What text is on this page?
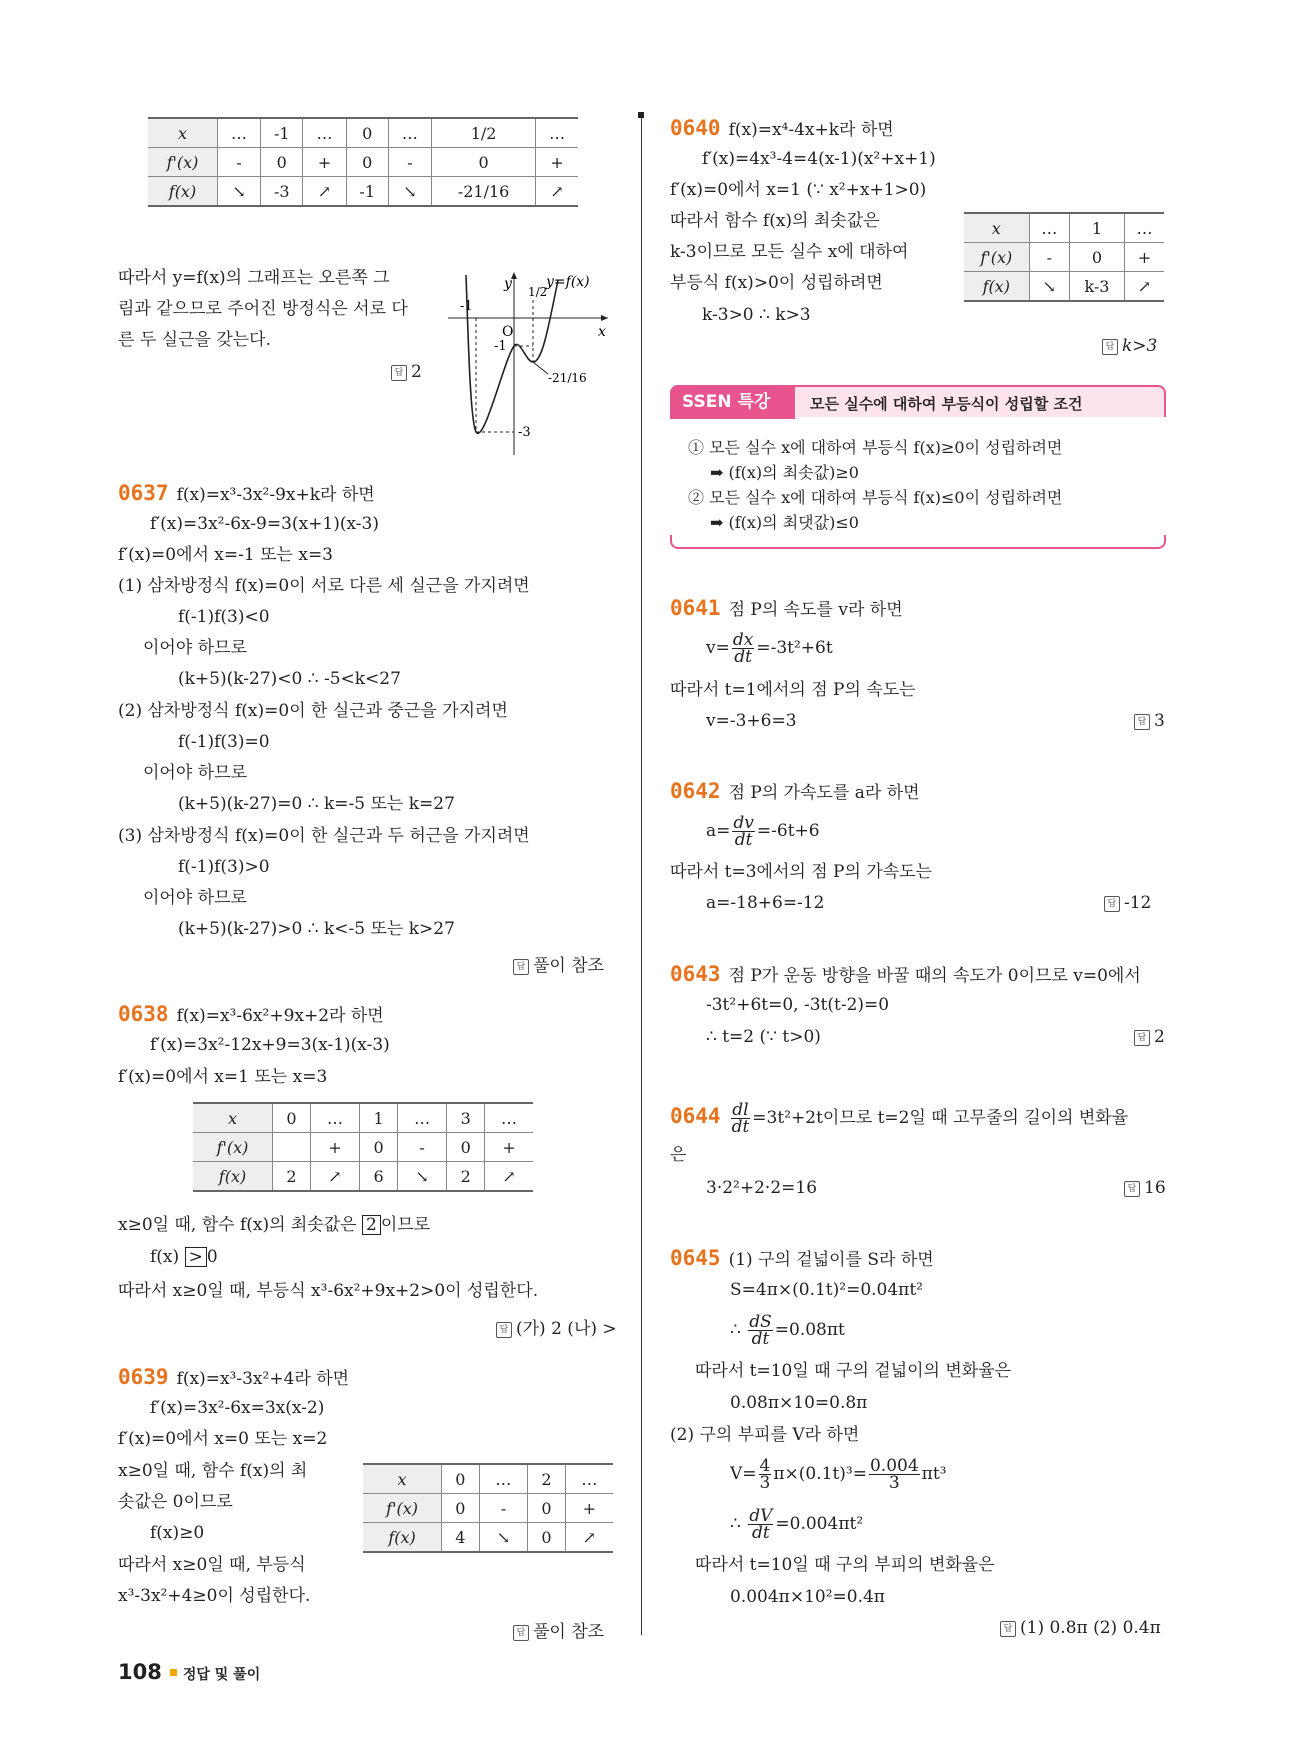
x	…	-1	…	0	…	1/2	…
f'(x)	-	0	+	0	-	0	+
f(x)	↘	-3	↗	-1	↘	-21/16	↗
따라서 y=f(x)의 그래프는 오른쪽 그
림과 같으므로 주어진 방정식은 서로 다
른 두 실근을 갖는다.
답 2
y
x
O
y=f(x)
-1
1/2
-1
-21/16
-3
0637 f(x)=x³-3x²-9x+k라 하면
f′(x)=3x²-6x-9=3(x+1)(x-3)
f′(x)=0에서 x=-1 또는 x=3
(1) 삼차방정식 f(x)=0이 서로 다른 세 실근을 가지려면
f(-1)f(3)<0
이어야 하므로
(k+5)(k-27)<0 ∴ -5<k<27
(2) 삼차방정식 f(x)=0이 한 실근과 중근을 가지려면
f(-1)f(3)=0
이어야 하므로
(k+5)(k-27)=0 ∴ k=-5 또는 k=27
(3) 삼차방정식 f(x)=0이 한 실근과 두 허근을 가지려면
f(-1)f(3)>0
이어야 하므로
(k+5)(k-27)>0 ∴ k<-5 또는 k>27
답 풀이 참조
0638 f(x)=x³-6x²+9x+2라 하면
f′(x)=3x²-12x+9=3(x-1)(x-3)
f′(x)=0에서 x=1 또는 x=3
x	0	…	1	…	3	…
f'(x)		+	0	-	0	+
f(x)	2	↗	6	↘	2	↗
x≥0일 때, 함수 f(x)의 최솟값은 2 이므로
f(x) > 0
따라서 x≥0일 때, 부등식 x³-6x²+9x+2>0이 성립한다.
답 (가) 2 (나) >
0639 f(x)=x³-3x²+4라 하면
f′(x)=3x²-6x=3x(x-2)
f′(x)=0에서 x=0 또는 x=2
x≥0일 때, 함수 f(x)의 최
솟값은 0이므로
f(x)≥0
따라서 x≥0일 때, 부등식
x³-3x²+4≥0이 성립한다.
x	0	…	2	…
f'(x)	0	-	0	+
f(x)	4	↘	0	↗
답 풀이 참조
0640 f(x)=x⁴-4x+k라 하면
f′(x)=4x³-4=4(x-1)(x²+x+1)
f′(x)=0에서 x=1 (∵ x²+x+1>0)
따라서 함수 f(x)의 최솟값은
k-3이므로 모든 실수 x에 대하여
부등식 f(x)>0이 성립하려면
k-3>0 ∴ k>3
x	…	1	…
f'(x)	-	0	+
f(x)	↘	k-3	↗
답 k>3
SSEN 특강	모든 실수에 대하여 부등식이 성립할 조건
① 모든 실수 x에 대하여 부등식 f(x)≥0이 성립하려면
➡ (f(x)의 최솟값)≥0
② 모든 실수 x에 대하여 부등식 f(x)≤0이 성립하려면
➡ (f(x)의 최댓값)≤0
0641 점 P의 속도를 v라 하면
$v= \frac{dx}{dt} =-3t^2+6t$
따라서 t=1에서의 점 P의 속도는
v=-3+6=3	답 3
0642 점 P의 가속도를 a라 하면
$a= \frac{dv}{dt} =-6t+6$
따라서 t=3에서의 점 P의 가속도는
a=-18+6=-12	답 -12
0643 점 P가 운동 방향을 바꿀 때의 속도가 0이므로 v=0에서
-3t²+6t=0, -3t(t-2)=0
∴ t=2 (∵ t>0)	답 2
$0644 \frac{dl}{dt} =3t^2+2t$이므로 t=2일 때 고무줄의 길이의 변화율
은
3·2²+2·2=16	답 16
0645 (1) 구의 겉넓이를 S라 하면
S=4π×(0.1t)²=0.04πt²
∴ $\frac{dS}{dt} =0.08\pi t$
따라서 t=10일 때 구의 겉넓이의 변화율은
0.08π×10=0.8π
(2) 구의 부피를 V라 하면
$V= \frac{4}{3} \pi\times(0.1t)^3= \frac{0.004}{3} \pi t^3$
∴ $\frac{dV}{dt} =0.004\pi t^2$
따라서 t=10일 때 구의 부피의 변화율은
0.004π×10²=0.4π
답 (1) 0.8π (2) 0.4π
108 정답 및 풀이
